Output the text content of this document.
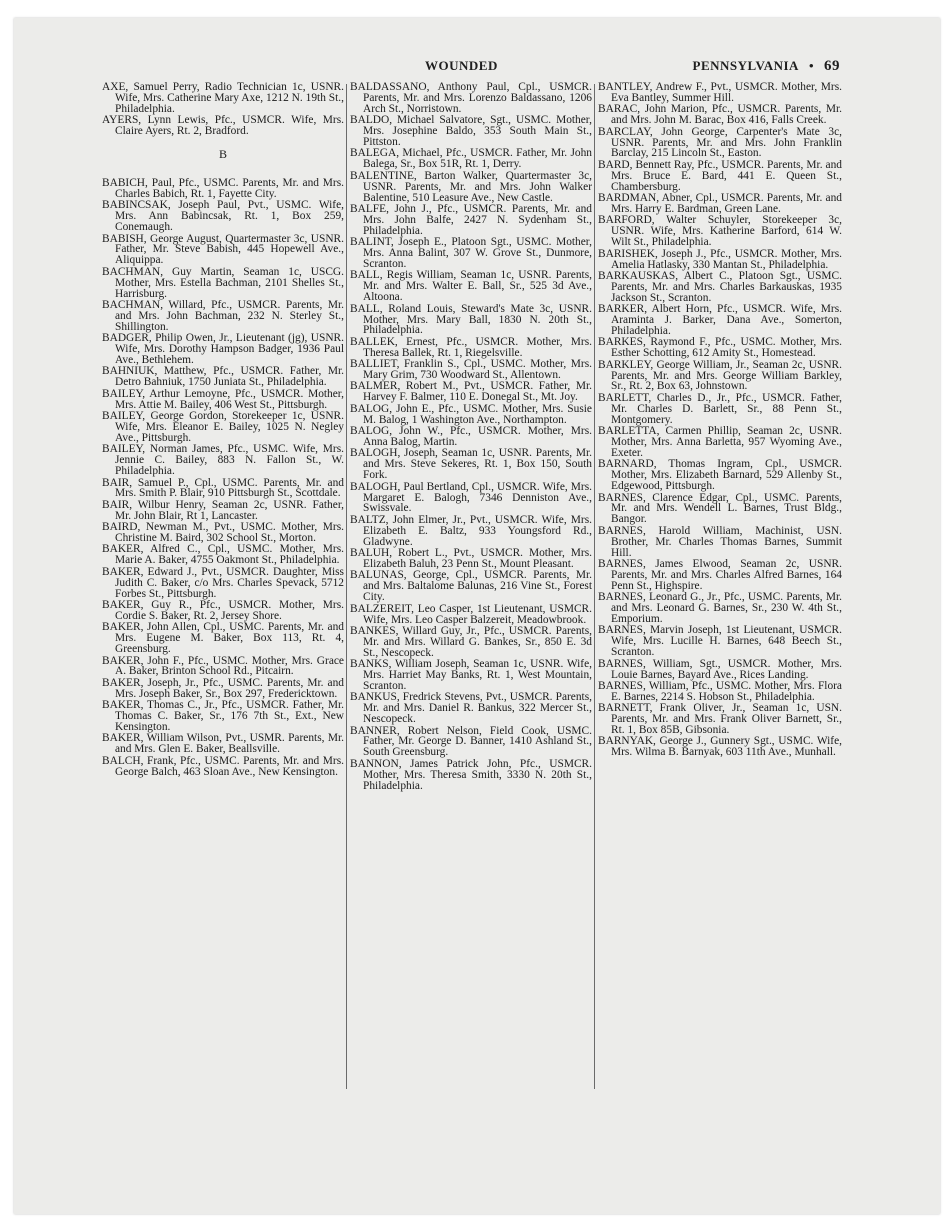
WOUNDED	PENNSYLVANIA • 69

AXE, Samuel Perry, Radio Technician 1c, USNR. Wife, Mrs. Catherine Mary Axe, 1212 N. 19th St., Philadelphia.

AYERS, Lynn Lewis, Pfc., USMCR. Wife, Mrs. Claire Ayers, Rt. 2, Bradford.

B

BABICH, Paul, Pfc., USMC. Parents, Mr. and Mrs. Charles Babich, Rt. 1, Fayette City.

BABINCSAK, Joseph Paul, Pvt., USMC. Wife, Mrs. Ann Babincsak, Rt. 1, Box 259, Conemaugh.

BABISH, George August, Quartermaster 3c, USNR. Father, Mr. Steve Babish, 445 Hopewell Ave., Aliquippa.

BACHMAN, Guy Martin, Seaman 1c, USCG. Mother, Mrs. Estella Bachman, 2101 Shelles St., Harrisburg.

BACHMAN, Willard, Pfc., USMCR. Parents, Mr. and Mrs. John Bachman, 232 N. Sterley St., Shillington.

BADGER, Philip Owen, Jr., Lieutenant (jg), USNR. Wife, Mrs. Dorothy Hampson Badger, 1936 Paul Ave., Bethlehem.

BAHNIUK, Matthew, Pfc., USMCR. Father, Mr. Detro Bahniuk, 1750 Juniata St., Philadelphia.

BAILEY, Arthur Lemoyne, Pfc., USMCR. Mother, Mrs. Attie M. Bailey, 406 West St., Pittsburgh.

BAILEY, George Gordon, Storekeeper 1c, USNR. Wife, Mrs. Eleanor E. Bailey, 1025 N. Negley Ave., Pittsburgh.

BAILEY, Norman James, Pfc., USMC. Wife, Mrs. Jennie C. Bailey, 883 N. Fallon St., W. Philadelphia.

BAIR, Samuel P., Cpl., USMC. Parents, Mr. and Mrs. Smith P. Blair, 910 Pittsburgh St., Scottdale.

BAIR, Wilbur Henry, Seaman 2c, USNR. Father, Mr. John Blair, Rt 1, Lancaster.

BAIRD, Newman M., Pvt., USMC. Mother, Mrs. Christine M. Baird, 302 School St., Morton.

BAKER, Alfred C., Cpl., USMC. Mother, Mrs. Marie A. Baker, 4755 Oakmont St., Philadelphia.

BAKER, Edward J., Pvt., USMCR. Daughter, Miss Judith C. Baker, c/o Mrs. Charles Spevack, 5712 Forbes St., Pittsburgh.

BAKER, Guy R., Pfc., USMCR. Mother, Mrs. Cordie S. Baker, Rt. 2, Jersey Shore.

BAKER, John Allen, Cpl., USMC. Parents, Mr. and Mrs. Eugene M. Baker, Box 113, Rt. 4, Greensburg.

BAKER, John F., Pfc., USMC. Mother, Mrs. Grace A. Baker, Brinton School Rd., Pitcairn.

BAKER, Joseph, Jr., Pfc., USMC. Parents, Mr. and Mrs. Joseph Baker, Sr., Box 297, Fredericktown.

BAKER, Thomas C., Jr., Pfc., USMCR. Father, Mr. Thomas C. Baker, Sr., 176 7th St., Ext., New Kensington.

BAKER, William Wilson, Pvt., USMR. Parents, Mr. and Mrs. Glen E. Baker, Beallsville.

BALCH, Frank, Pfc., USMC. Parents, Mr. and Mrs. George Balch, 463 Sloan Ave., New Kensington.

BALDASSANO, Anthony Paul, Cpl., USMCR. Parents, Mr. and Mrs. Lorenzo Baldassano, 1206 Arch St., Norristown.

BALDO, Michael Salvatore, Sgt., USMC. Mother, Mrs. Josephine Baldo, 353 South Main St., Pittston.

BALEGA, Michael, Pfc., USMCR. Father, Mr. John Balega, Sr., Box 51R, Rt. 1, Derry.

BALENTINE, Barton Walker, Quartermaster 3c, USNR. Parents, Mr. and Mrs. John Walker Balentine, 510 Leasure Ave., New Castle.

BALFE, John J., Pfc., USMCR. Parents, Mr. and Mrs. John Balfe, 2427 N. Sydenham St., Philadelphia.

BALINT, Joseph E., Platoon Sgt., USMC. Mother, Mrs. Anna Balint, 307 W. Grove St., Dunmore, Scranton.

BALL, Regis William, Seaman 1c, USNR. Parents, Mr. and Mrs. Walter E. Ball, Sr., 525 3d Ave., Altoona.

BALL, Roland Louis, Steward's Mate 3c, USNR. Mother, Mrs. Mary Ball, 1830 N. 20th St., Philadelphia.

BALLEK, Ernest, Pfc., USMCR. Mother, Mrs. Theresa Ballek, Rt. 1, Riegelsville.

BALLIET, Franklin S., Cpl., USMC. Mother, Mrs. Mary Grim, 730 Woodward St., Allentown.

BALMER, Robert M., Pvt., USMCR. Father, Mr. Harvey F. Balmer, 110 E. Donegal St., Mt. Joy.

BALOG, John E., Pfc., USMC. Mother, Mrs. Susie M. Balog, 1 Washington Ave., Northampton.

BALOG, John W., Pfc., USMCR. Mother, Mrs. Anna Balog, Martin.

BALOGH, Joseph, Seaman 1c, USNR. Parents, Mr. and Mrs. Steve Sekeres, Rt. 1, Box 150, South Fork.

BALOGH, Paul Bertland, Cpl., USMCR. Wife, Mrs. Margaret E. Balogh, 7346 Denniston Ave., Swissvale.

BALTZ, John Elmer, Jr., Pvt., USMCR. Wife, Mrs. Elizabeth E. Baltz, 933 Youngsford Rd., Gladwyne.

BALUH, Robert L., Pvt., USMCR. Mother, Mrs. Elizabeth Baluh, 23 Penn St., Mount Pleasant.

BALUNAS, George, Cpl., USMCR. Parents, Mr. and Mrs. Baltalome Balunas, 216 Vine St., Forest City.

BALZEREIT, Leo Casper, 1st Lieutenant, USMCR. Wife, Mrs. Leo Casper Balzereit, Meadowbrook.

BANKES, Willard Guy, Jr., Pfc., USMCR. Parents, Mr. and Mrs. Willard G. Bankes, Sr., 850 E. 3d St., Nescopeck.

BANKS, William Joseph, Seaman 1c, USNR. Wife, Mrs. Harriet May Banks, Rt. 1, West Mountain, Scranton.

BANKUS, Fredrick Stevens, Pvt., USMCR. Parents, Mr. and Mrs. Daniel R. Bankus, 322 Mercer St., Nescopeck.

BANNER, Robert Nelson, Field Cook, USMC. Father, Mr. George D. Banner, 1410 Ashland St., South Greensburg.

BANNON, James Patrick John, Pfc., USMCR. Mother, Mrs. Theresa Smith, 3330 N. 20th St., Philadelphia.

BANTLEY, Andrew F., Pvt., USMCR. Mother, Mrs. Eva Bantley, Summer Hill.

BARAC, John Marion, Pfc., USMCR. Parents, Mr. and Mrs. John M. Barac, Box 416, Falls Creek.

BARCLAY, John George, Carpenter's Mate 3c, USNR. Parents, Mr. and Mrs. John Franklin Barclay, 215 Lincoln St., Easton.

BARD, Bennett Ray, Pfc., USMCR. Parents, Mr. and Mrs. Bruce E. Bard, 441 E. Queen St., Chambersburg.

BARDMAN, Abner, Cpl., USMCR. Parents, Mr. and Mrs. Harry E. Bardman, Green Lane.

BARFORD, Walter Schuyler, Storekeeper 3c, USNR. Wife, Mrs. Katherine Barford, 614 W. Wilt St., Philadelphia.

BARISHEK, Joseph J., Pfc., USMCR. Mother, Mrs. Amelia Hatlasky, 330 Mantan St., Philadelphia.

BARKAUSKAS, Albert C., Platoon Sgt., USMC. Parents, Mr. and Mrs. Charles Barkauskas, 1935 Jackson St., Scranton.

BARKER, Albert Horn, Pfc., USMCR. Wife, Mrs. Araminta J. Barker, Dana Ave., Somerton, Philadelphia.

BARKES, Raymond F., Pfc., USMC. Mother, Mrs. Esther Schotting, 612 Amity St., Homestead.

BARKLEY, George William, Jr., Seaman 2c, USNR. Parents, Mr. and Mrs. George William Barkley, Sr., Rt. 2, Box 63, Johnstown.

BARLETT, Charles D., Jr., Pfc., USMCR. Father, Mr. Charles D. Barlett, Sr., 88 Penn St., Montgomery.

BARLETTA, Carmen Phillip, Seaman 2c, USNR. Mother, Mrs. Anna Barletta, 957 Wyoming Ave., Exeter.

BARNARD, Thomas Ingram, Cpl., USMCR. Mother, Mrs. Elizabeth Barnard, 529 Allenby St., Edgewood, Pittsburgh.

BARNES, Clarence Edgar, Cpl., USMC. Parents, Mr. and Mrs. Wendell L. Barnes, Trust Bldg., Bangor.

BARNES, Harold William, Machinist, USN. Brother, Mr. Charles Thomas Barnes, Summit Hill.

BARNES, James Elwood, Seaman 2c, USNR. Parents, Mr. and Mrs. Charles Alfred Barnes, 164 Penn St., Highspire.

BARNES, Leonard G., Jr., Pfc., USMC. Parents, Mr. and Mrs. Leonard G. Barnes, Sr., 230 W. 4th St., Emporium.

BARNES, Marvin Joseph, 1st Lieutenant, USMCR. Wife, Mrs. Lucille H. Barnes, 648 Beech St., Scranton.

BARNES, William, Sgt., USMCR. Mother, Mrs. Louie Barnes, Bayard Ave., Rices Landing.

BARNES, William, Pfc., USMC. Mother, Mrs. Flora E. Barnes, 2214 S. Hobson St., Philadelphia.

BARNETT, Frank Oliver, Jr., Seaman 1c, USN. Parents, Mr. and Mrs. Frank Oliver Barnett, Sr., Rt. 1, Box 85B, Gibsonia.

BARNYAK, George J., Gunnery Sgt., USMC. Wife, Mrs. Wilma B. Barnyak, 603 11th Ave., Munhall.
